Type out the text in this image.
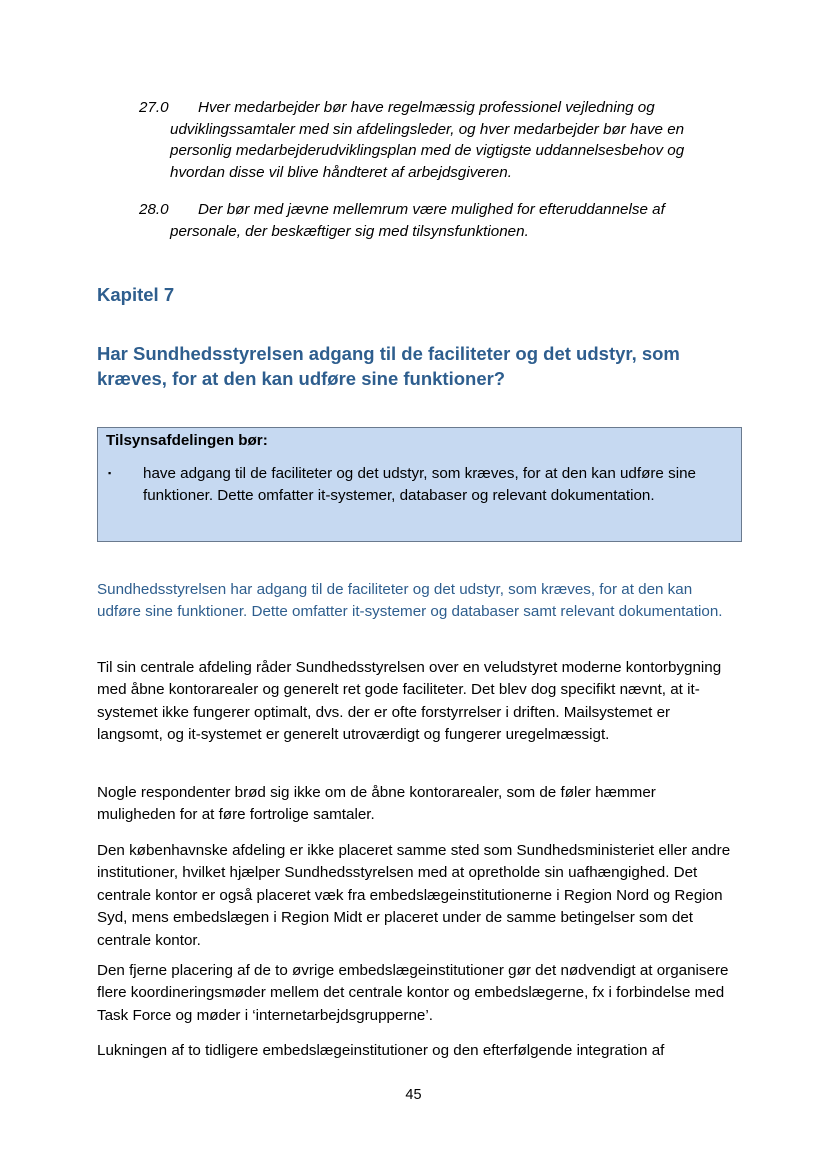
27.0	Hver medarbejder bør have regelmæssig professionel vejledning og udviklingssamtaler med sin afdelingsleder, og hver medarbejder bør have en personlig medarbejderudviklingsplan med de vigtigste uddannelsesbehov og hvordan disse vil blive håndteret af arbejdsgiveren.
28.0	Der bør med jævne mellemrum være mulighed for efteruddannelse af personale, der beskæftiger sig med tilsynsfunktionen.
Kapitel 7
Har Sundhedsstyrelsen adgang til de faciliteter og det udstyr, som kræves, for at den kan udføre sine funktioner?
Tilsynsafdelingen bør:
▪ have adgang til de faciliteter og det udstyr, som kræves, for at den kan udføre sine funktioner. Dette omfatter it-systemer, databaser og relevant dokumentation.
Sundhedsstyrelsen har adgang til de faciliteter og det udstyr, som kræves, for at den kan udføre sine funktioner. Dette omfatter it-systemer og databaser samt relevant dokumentation.
Til sin centrale afdeling råder Sundhedsstyrelsen over en veludstyret moderne kontorbygning med åbne kontorarealer og generelt ret gode faciliteter. Det blev dog specifikt nævnt, at it-systemet ikke fungerer optimalt, dvs. der er ofte forstyrrelser i driften. Mailsystemet er langsomt, og it-systemet er generelt utroværdigt og fungerer uregelmæssigt.
Nogle respondenter brød sig ikke om de åbne kontorarealer, som de føler hæmmer muligheden for at føre fortrolige samtaler.
Den københavnske afdeling er ikke placeret samme sted som Sundhedsministeriet eller andre institutioner, hvilket hjælper Sundhedsstyrelsen med at opretholde sin uafhængighed. Det centrale kontor er også placeret væk fra embedslægeinstitutionerne i Region Nord og Region Syd, mens embedslægen i Region Midt er placeret under de samme betingelser som det centrale kontor.
Den fjerne placering af de to øvrige embedslægeinstitutioner gør det nødvendigt at organisere flere koordineringsmøder mellem det centrale kontor og embedslægerne, fx i forbindelse med Task Force og møder i ‘internetarbejdsgrupperne’.
Lukningen af to tidligere embedslægeinstitutioner og den efterfølgende integration af
45
